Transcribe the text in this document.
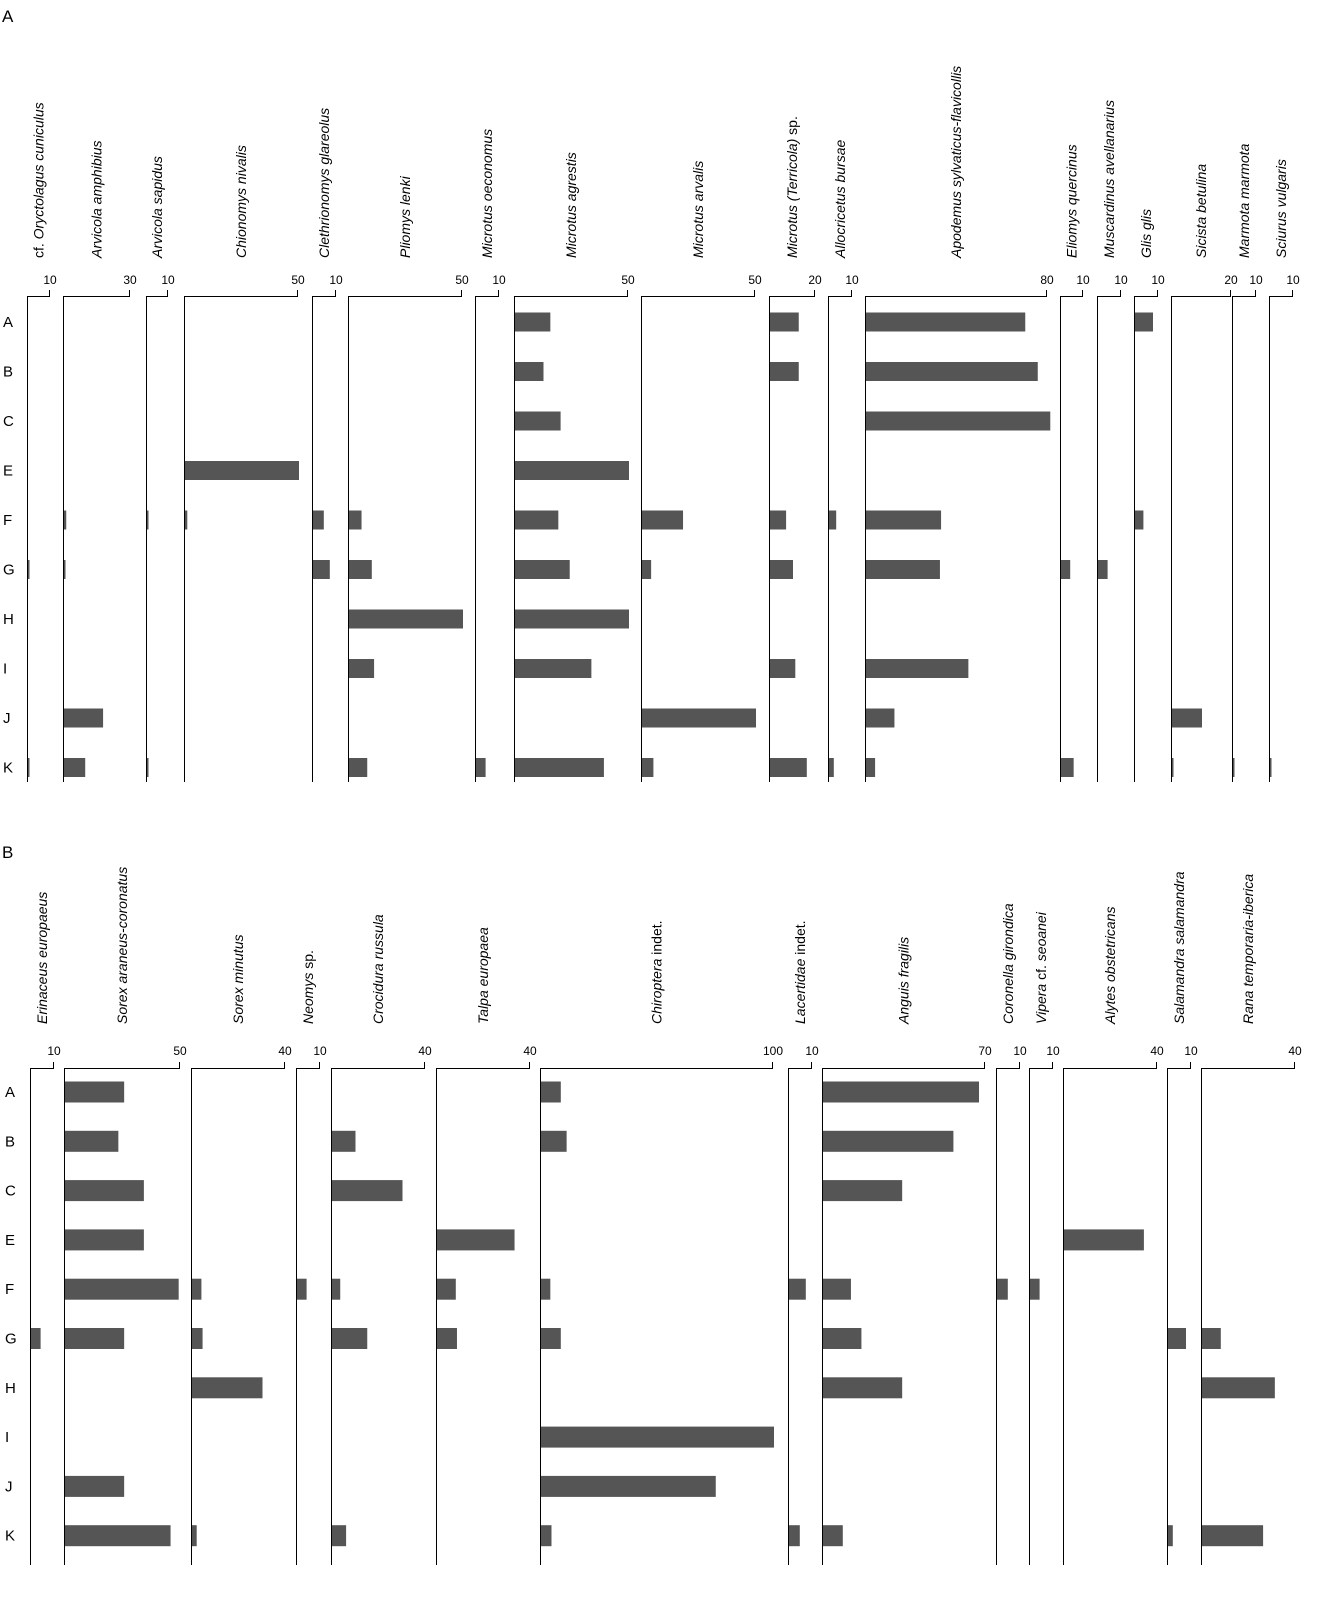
A
B
A
B
C
E
F
G
H
I
J
K
10
cf. Oryctolagus cuniculus
30
Arvicola amphibius
10
Arvicola sapidus
50
Chionomys nivalis
10
Clethrionomys glareolus
50
Pliomys lenki
10
Microtus oeconomus
50
Microtus agrestis
50
Microtus arvalis
20
Microtus (Terricola) sp.
10
Allocricetus bursae
80
Apodemus sylvaticus-flavicollis
10
Eliomys quercinus
10
Muscardinus avellanarius
10
Glis glis
20
Sicista betulina
10
Marmota marmota
10
Sciurus vulgaris
A
B
C
E
F
G
H
I
J
K
10
Erinaceus europaeus
50
Sorex araneus-coronatus
40
Sorex minutus
10
Neomys sp.
40
Crocidura russula
40
Talpa europaea
100
Chiroptera indet.
10
Lacertidae indet.
70
Anguis fragilis
10
Coronella girondica
10
Vipera cf. seoanei
40
Alytes obstetricans
10
Salamandra salamandra
40
Rana temporaria-iberica
